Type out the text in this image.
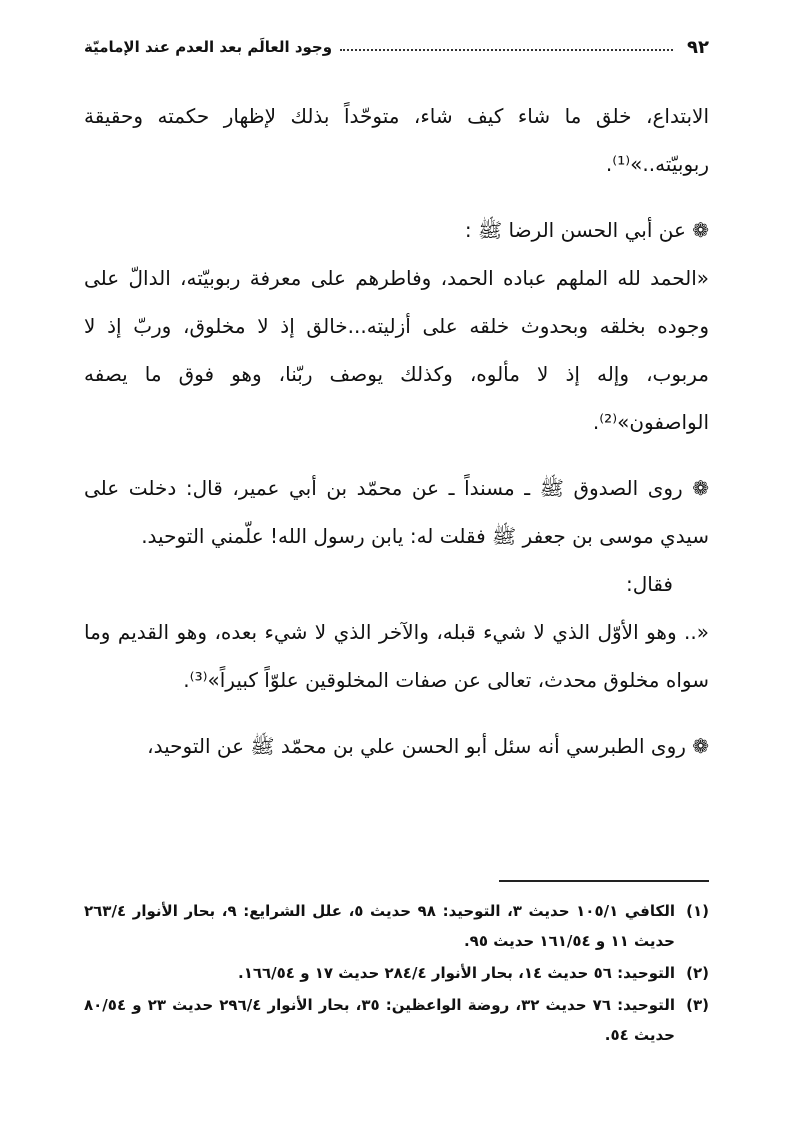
٩٢
وجود العالَم بعد العدم عند الإماميّة

الابتداع، خلق ما شاء كيف شاء، متوحّداً بذلك لإظهار حكمته وحقيقة ربوبيّته..»⁽¹⁾.

❁ عن أبي الحسن الرضا ﷺ :

«الحمد لله الملهم عباده الحمد، وفاطرهم على معرفة ربوبيّته، الدالّ على وجوده بخلقه وبحدوث خلقه على أزليته...خالق إذ لا مخلوق، وربّ إذ لا مربوب، وإله إذ لا مألوه، وكذلك يوصف ربّنا، وهو فوق ما يصفه الواصفون»⁽²⁾.

❁ روى الصدوق ﷺ ـ مسنداً ـ عن محمّد بن أبي عمير، قال: دخلت على سيدي موسى بن جعفر ﷺ فقلت له: يابن رسول الله! علّمني التوحيد.

فقال:

«.. وهو الأوّل الذي لا شيء قبله، والآخر الذي لا شيء بعده، وهو القديم وما سواه مخلوق محدث، تعالى عن صفات المخلوقين علوّاً كبيراً»⁽³⁾.

❁ روى الطبرسي أنه سئل أبو الحسن علي بن محمّد ﷺ عن التوحيد،

(١)
الكافي ١٠٥/١ حديث ٣، التوحيد: ٩٨ حديث ٥، علل الشرايع: ٩، بحار الأنوار ٢٦٣/٤ حديث ١١ و ١٦١/٥٤ حديث ٩٥.
(٢)
التوحيد: ٥٦ حديث ١٤، بحار الأنوار ٢٨٤/٤ حديث ١٧ و ١٦٦/٥٤.
(٣)
التوحيد: ٧٦ حديث ٣٢، روضة الواعظين: ٣٥، بحار الأنوار ٢٩٦/٤ حديث ٢٣ و ٨٠/٥٤ حديث ٥٤.
